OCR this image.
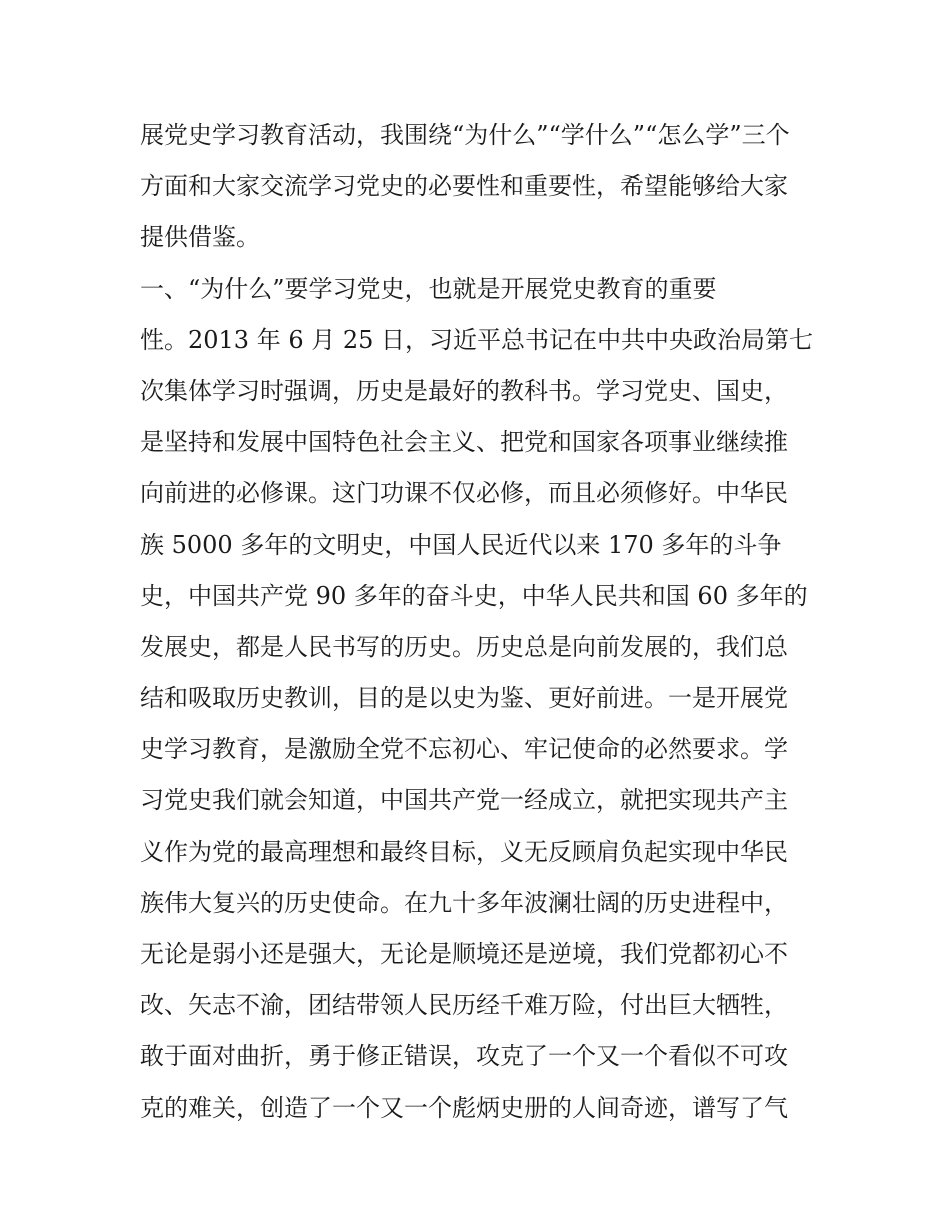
展党史学习教育活动，我围绕“为什么”“学什么”“怎么学”三个
方面和大家交流学习党史的必要性和重要性，希望能够给大家
提供借鉴。
一、“为什么”要学习党史，也就是开展党史教育的重要
性。2013 年 6 月 25 日，习近平总书记在中共中央政治局第七
次集体学习时强调，历史是最好的教科书。学习党史、国史，
是坚持和发展中国特色社会主义、把党和国家各项事业继续推
向前进的必修课。这门功课不仅必修，而且必须修好。中华民
族 5000 多年的文明史，中国人民近代以来 170 多年的斗争
史，中国共产党 90 多年的奋斗史，中华人民共和国 60 多年的
发展史，都是人民书写的历史。历史总是向前发展的，我们总
结和吸取历史教训，目的是以史为鉴、更好前进。一是开展党
史学习教育，是激励全党不忘初心、牢记使命的必然要求。学
习党史我们就会知道，中国共产党一经成立，就把实现共产主
义作为党的最高理想和最终目标，义无反顾肩负起实现中华民
族伟大复兴的历史使命。在九十多年波澜壮阔的历史进程中，
无论是弱小还是强大，无论是顺境还是逆境，我们党都初心不
改、矢志不渝，团结带领人民历经千难万险，付出巨大牺牲，
敢于面对曲折，勇于修正错误，攻克了一个又一个看似不可攻
克的难关，创造了一个又一个彪炳史册的人间奇迹，谱写了气
